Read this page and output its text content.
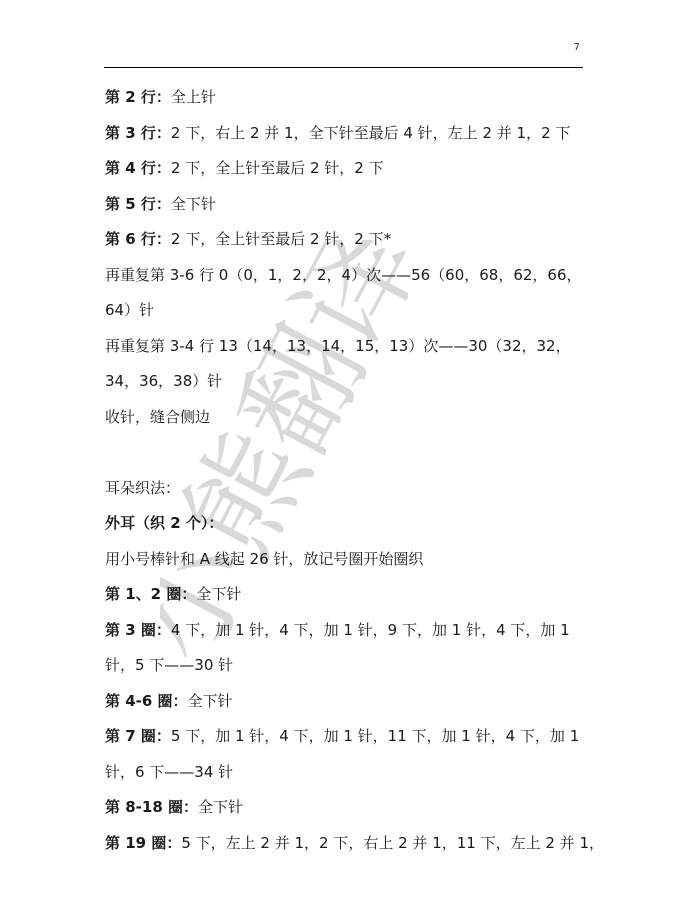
7
小熊翻译
第 2 行：全上针
第 3 行：2 下，右上 2 并 1，全下针至最后 4 针，左上 2 并 1，2 下
第 4 行：2 下，全上针至最后 2 针，2 下
第 5 行：全下针
第 6 行：2 下，全上针至最后 2 针，2 下*
再重复第 3-6 行 0（0，1，2，2，4）次——56（60，68，62，66，
64）针
再重复第 3-4 行 13（14，13，14，15，13）次——30（32，32，
34，36，38）针
收针，缝合侧边
耳朵织法：
外耳（织 2 个）：
用小号棒针和 A 线起 26 针，放记号圈开始圈织
第 1、2 圈：全下针
第 3 圈：4 下，加 1 针，4 下，加 1 针，9 下，加 1 针，4 下，加 1
针，5 下——30 针
第 4-6 圈：全下针
第 7 圈：5 下，加 1 针，4 下，加 1 针，11 下，加 1 针，4 下，加 1
针，6 下——34 针
第 8-18 圈：全下针
第 19 圈：5 下，左上 2 并 1，2 下，右上 2 并 1，11 下，左上 2 并 1，
